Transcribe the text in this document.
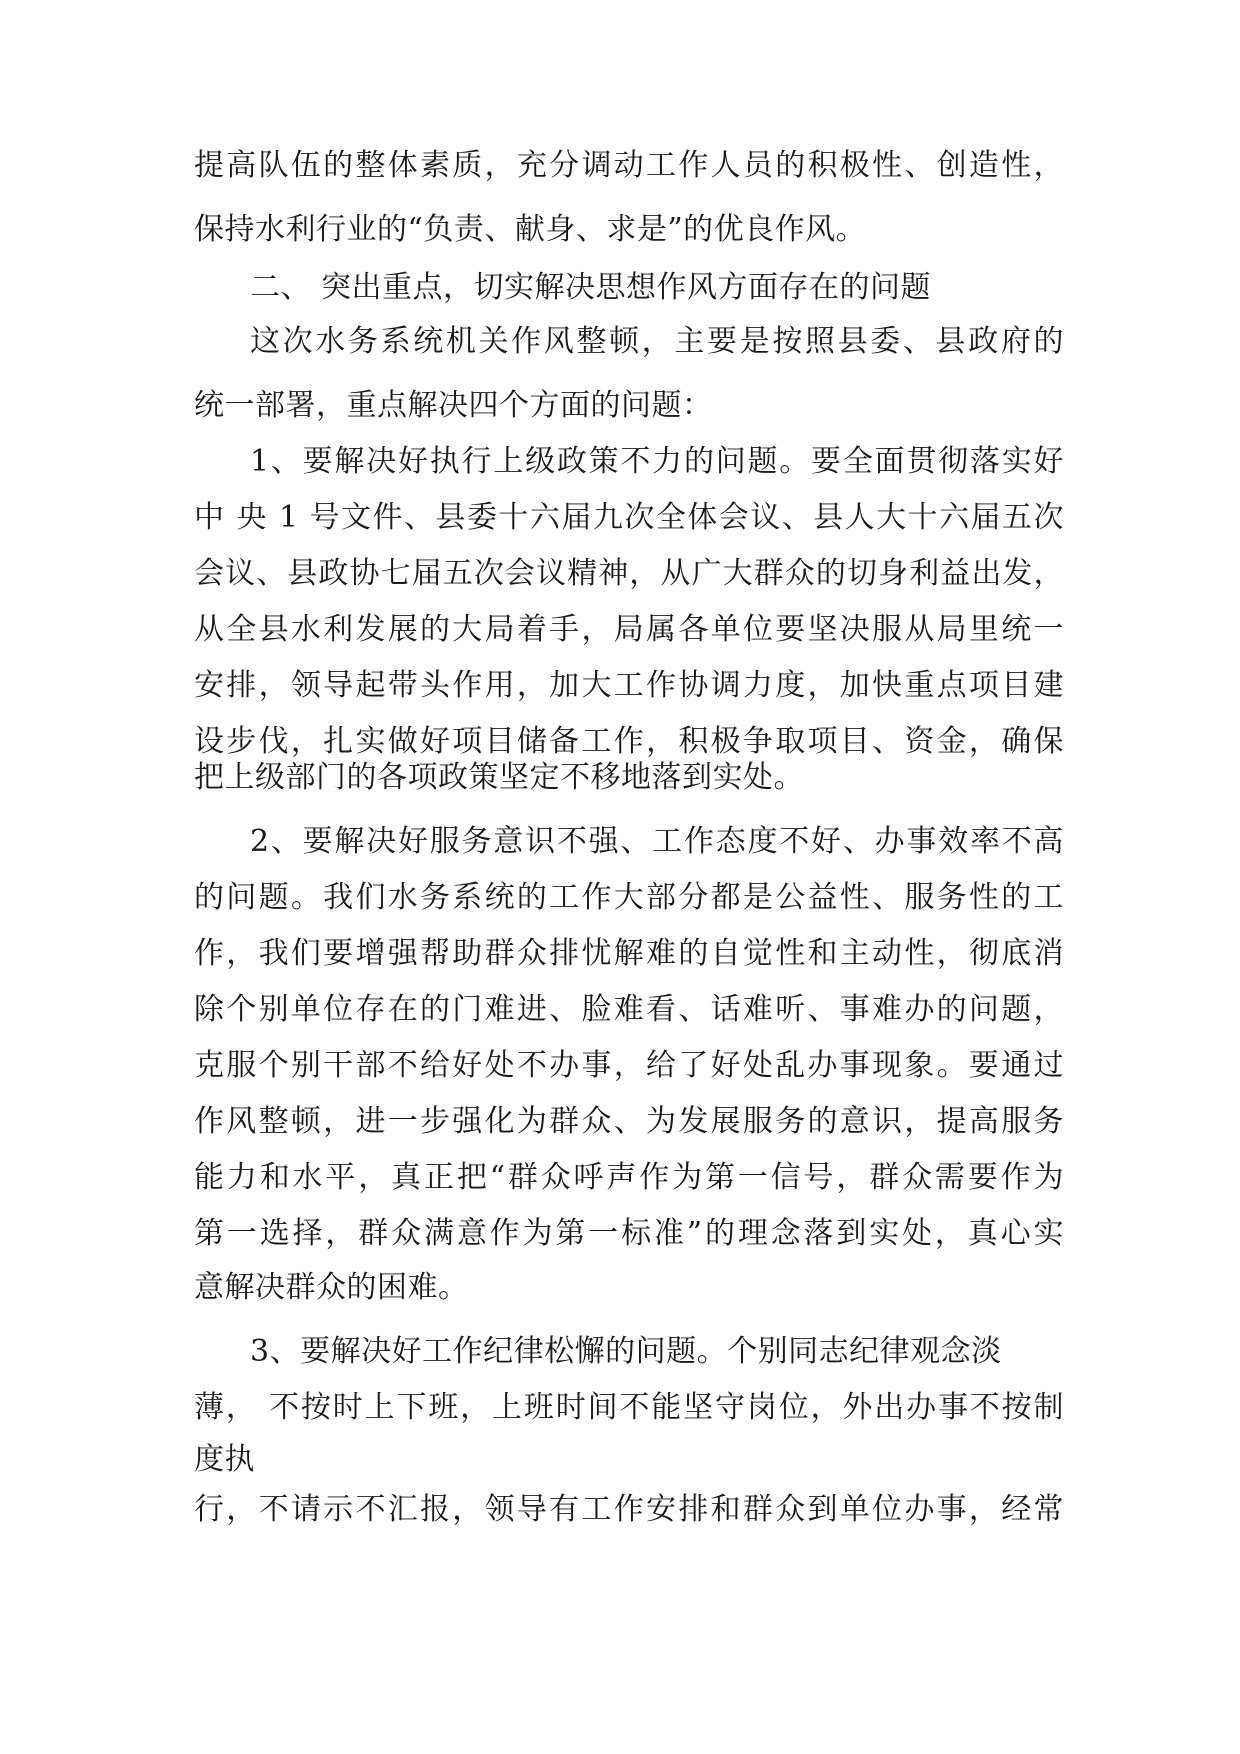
提高队伍的整体素质，充分调动工作人员的积极性、创造性，
保持水利行业的“负责、献身、求是”的优良作风。
二、 突出重点，切实解决思想作风方面存在的问题
这次水务系统机关作风整顿，主要是按照县委、县政府的
统一部署，重点解决四个方面的问题：
1、要解决好执行上级政策不力的问题。要全面贯彻落实好
中 央 1 号文件、县委十六届九次全体会议、县人大十六届五次
会议、县政协七届五次会议精神，从广大群众的切身利益出发，
从全县水利发展的大局着手，局属各单位要坚决服从局里统一
安排，领导起带头作用，加大工作协调力度，加快重点项目建
设步伐，扎实做好项目储备工作，积极争取项目、资金，确保
把上级部门的各项政策坚定不移地落到实处。
2、要解决好服务意识不强、工作态度不好、办事效率不高
的问题。我们水务系统的工作大部分都是公益性、服务性的工
作，我们要增强帮助群众排忧解难的自觉性和主动性，彻底消
除个别单位存在的门难进、脸难看、话难听、事难办的问题，
克服个别干部不给好处不办事，给了好处乱办事现象。要通过
作风整顿，进一步强化为群众、为发展服务的意识，提高服务
能力和水平，真正把“群众呼声作为第一信号，群众需要作为
第一选择，群众满意作为第一标准”的理念落到实处，真心实
意解决群众的困难。
3、要解决好工作纪律松懈的问题。个别同志纪律观念淡
薄， 不按时上下班，上班时间不能坚守岗位，外出办事不按制
度执
行，不请示不汇报，领导有工作安排和群众到单位办事，经常
